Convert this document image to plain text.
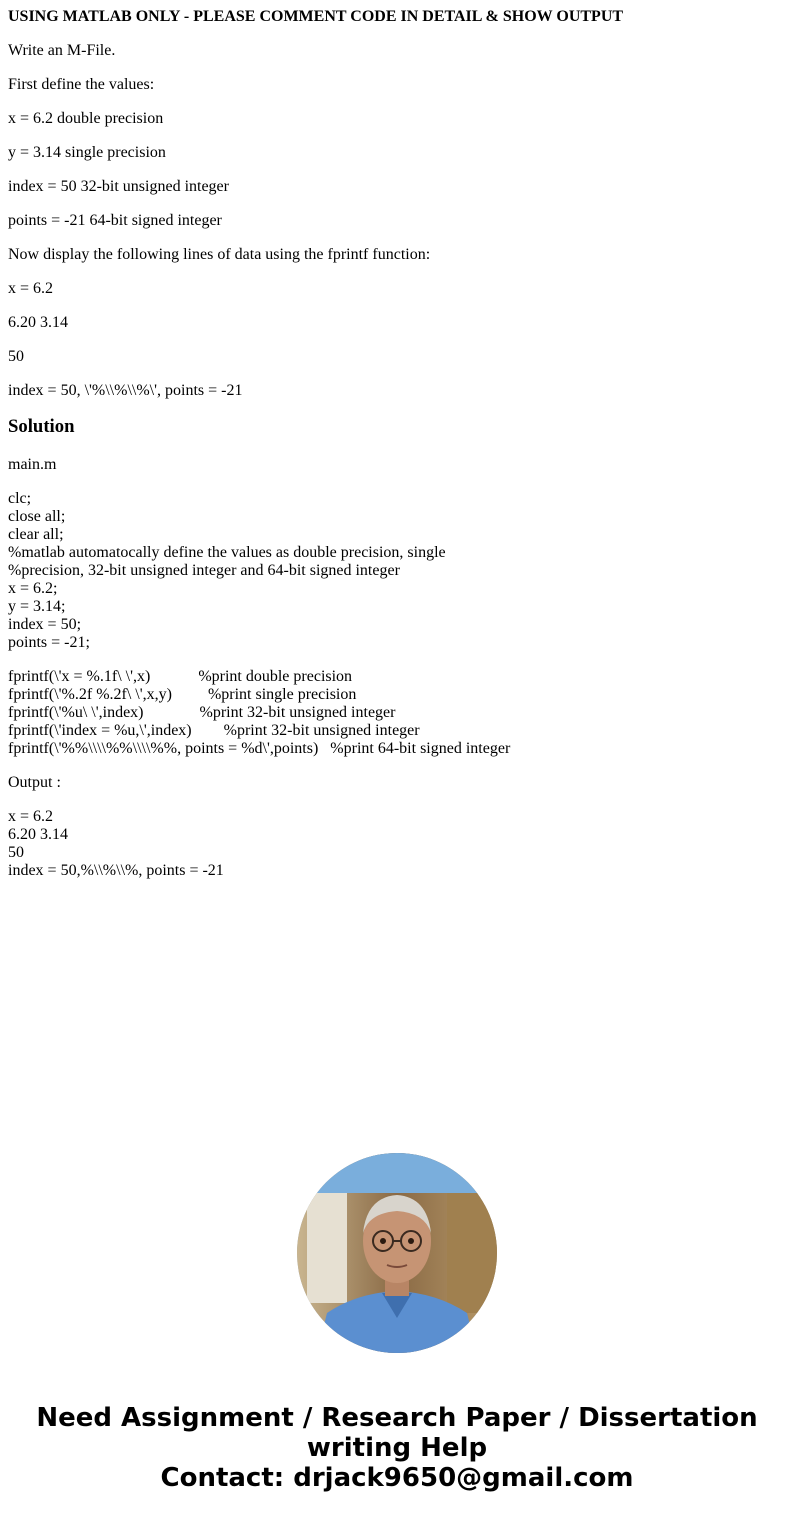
USING MATLAB ONLY - PLEASE COMMENT CODE IN DETAIL & SHOW OUTPUT

Write an M-File.

First define the values:

x = 6.2 double precision

y = 3.14 single precision

index = 50 32-bit unsigned integer

points = -21 64-bit signed integer

Now display the following lines of data using the fprintf function:

x = 6.2

6.20 3.14

50

index = 50, \'%\\%\\%\', points = -21

Solution

main.m

clc;
close all;
clear all;
%matlab automatocally define the values as double precision, single
%precision, 32-bit unsigned integer and 64-bit signed integer
x = 6.2;
y = 3.14;
index = 50;
points = -21;
fprintf(\'x = %.1f\ \',x)            %print double precision
fprintf(\'%.2f %.2f\ \',x,y)         %print single precision
fprintf(\'%u\ \',index)              %print 32-bit unsigned integer
fprintf(\'index = %u,\',index)        %print 32-bit unsigned integer
fprintf(\'%%\\\\%%\\\\%%, points = %d\',points)   %print 64-bit signed integer

Output :

x = 6.2
6.20 3.14
50
index = 50,%\\%\\%, points = -21
Need Assignment / Research Paper / Dissertation
writing Help
Contact: drjack9650@gmail.com
